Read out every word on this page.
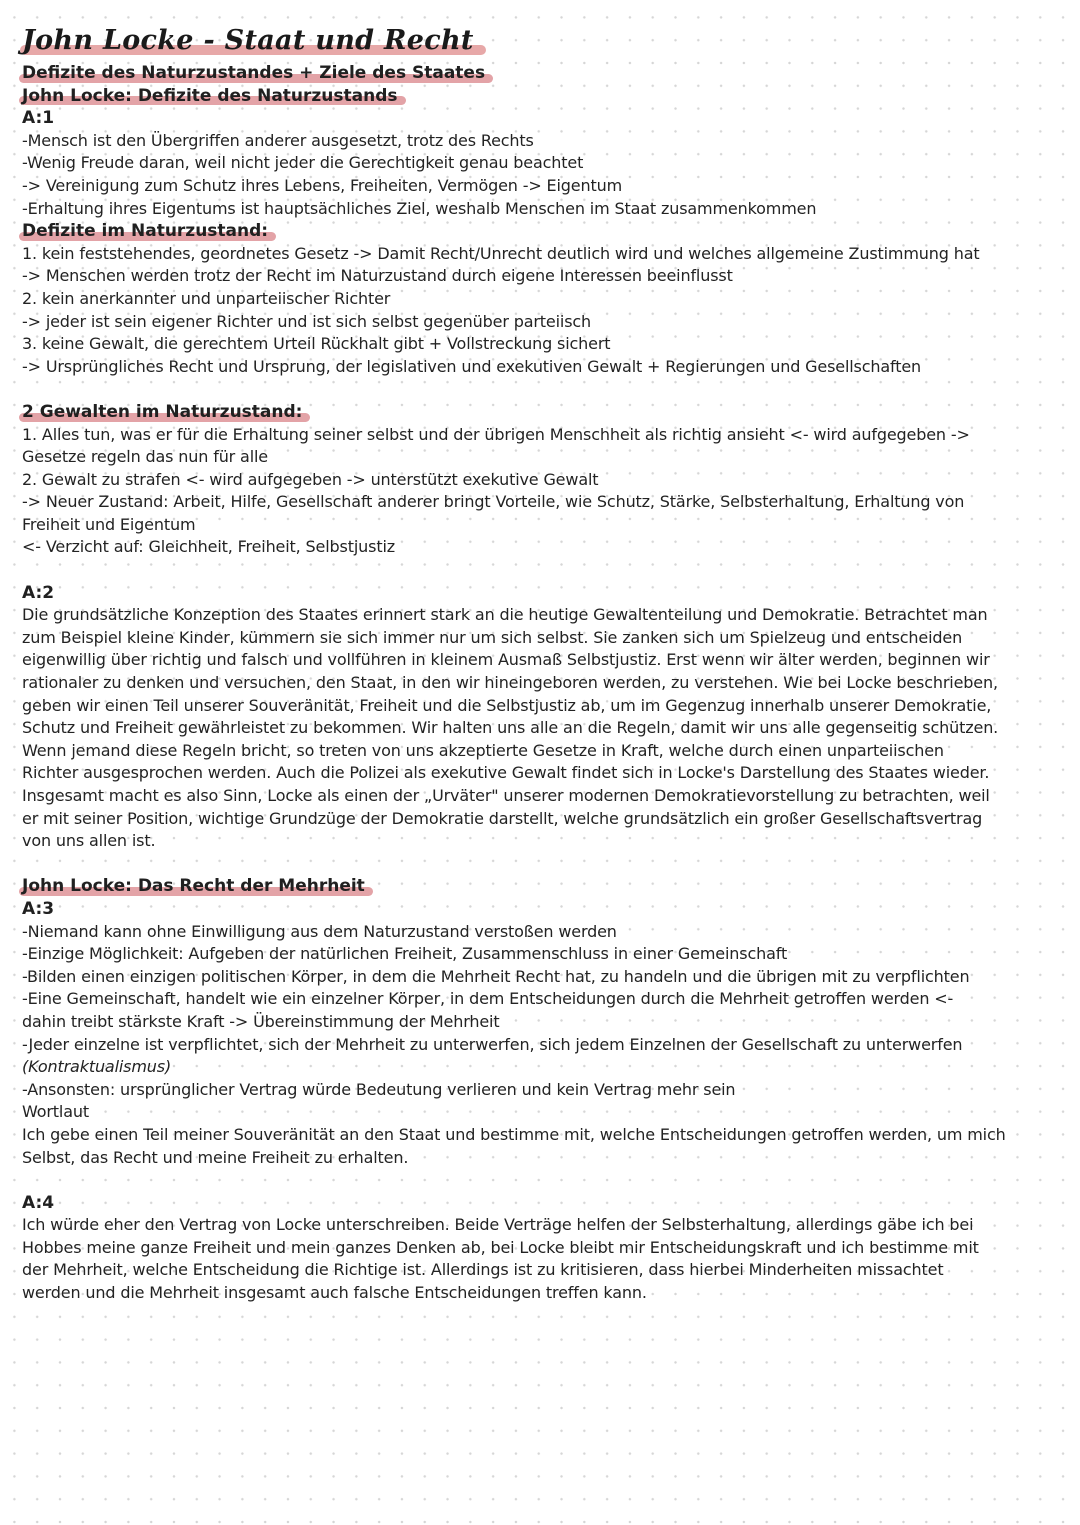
John Locke - Staat und Recht
Defizite des Naturzustandes + Ziele des Staates
John Locke: Defizite des Naturzustands
A:1
-Mensch ist den Übergriffen anderer ausgesetzt, trotz des Rechts
-Wenig Freude daran, weil nicht jeder die Gerechtigkeit genau beachtet
-> Vereinigung zum Schutz ihres Lebens, Freiheiten, Vermögen -> Eigentum
-Erhaltung ihres Eigentums ist hauptsächliches Ziel, weshalb Menschen im Staat zusammenkommen
Defizite im Naturzustand:
1. kein feststehendes, geordnetes Gesetz -> Damit Recht/Unrecht deutlich wird und welches allgemeine Zustimmung hat
-> Menschen werden trotz der Recht im Naturzustand durch eigene Interessen beeinflusst
2. kein anerkannter und unparteiischer Richter
-> jeder ist sein eigener Richter und ist sich selbst gegenüber parteiisch
3. keine Gewalt, die gerechtem Urteil Rückhalt gibt + Vollstreckung sichert
-> Ursprüngliches Recht und Ursprung, der legislativen und exekutiven Gewalt + Regierungen und Gesellschaften
2 Gewalten im Naturzustand:
1. Alles tun, was er für die Erhaltung seiner selbst und der übrigen Menschheit als richtig ansieht <- wird aufgegeben ->
Gesetze regeln das nun für alle
2. Gewalt zu strafen <- wird aufgegeben -> unterstützt exekutive Gewalt
-> Neuer Zustand: Arbeit, Hilfe, Gesellschaft anderer bringt Vorteile, wie Schutz, Stärke, Selbsterhaltung, Erhaltung von
Freiheit und Eigentum
<- Verzicht auf: Gleichheit, Freiheit, Selbstjustiz
A:2
Die grundsätzliche Konzeption des Staates erinnert stark an die heutige Gewaltenteilung und Demokratie. Betrachtet man
zum Beispiel kleine Kinder, kümmern sie sich immer nur um sich selbst. Sie zanken sich um Spielzeug und entscheiden
eigenwillig über richtig und falsch und vollführen in kleinem Ausmaß Selbstjustiz. Erst wenn wir älter werden, beginnen wir
rationaler zu denken und versuchen, den Staat, in den wir hineingeboren werden, zu verstehen. Wie bei Locke beschrieben,
geben wir einen Teil unserer Souveränität, Freiheit und die Selbstjustiz ab, um im Gegenzug innerhalb unserer Demokratie,
Schutz und Freiheit gewährleistet zu bekommen. Wir halten uns alle an die Regeln, damit wir uns alle gegenseitig schützen.
Wenn jemand diese Regeln bricht, so treten von uns akzeptierte Gesetze in Kraft, welche durch einen unparteiischen
Richter ausgesprochen werden. Auch die Polizei als exekutive Gewalt findet sich in Locke's Darstellung des Staates wieder.
Insgesamt macht es also Sinn, Locke als einen der „Urväter" unserer modernen Demokratievorstellung zu betrachten, weil
er mit seiner Position, wichtige Grundzüge der Demokratie darstellt, welche grundsätzlich ein großer Gesellschaftsvertrag
von uns allen ist.
John Locke: Das Recht der Mehrheit
A:3
-Niemand kann ohne Einwilligung aus dem Naturzustand verstoßen werden
-Einzige Möglichkeit: Aufgeben der natürlichen Freiheit, Zusammenschluss in einer Gemeinschaft
-Bilden einen einzigen politischen Körper, in dem die Mehrheit Recht hat, zu handeln und die übrigen mit zu verpflichten
-Eine Gemeinschaft, handelt wie ein einzelner Körper, in dem Entscheidungen durch die Mehrheit getroffen werden <-
dahin treibt stärkste Kraft -> Übereinstimmung der Mehrheit
-Jeder einzelne ist verpflichtet, sich der Mehrheit zu unterwerfen, sich jedem Einzelnen der Gesellschaft zu unterwerfen
(Kontraktualismus)
-Ansonsten: ursprünglicher Vertrag würde Bedeutung verlieren und kein Vertrag mehr sein
Wortlaut
Ich gebe einen Teil meiner Souveränität an den Staat und bestimme mit, welche Entscheidungen getroffen werden, um mich
Selbst, das Recht und meine Freiheit zu erhalten.
A:4
Ich würde eher den Vertrag von Locke unterschreiben. Beide Verträge helfen der Selbsterhaltung, allerdings gäbe ich bei
Hobbes meine ganze Freiheit und mein ganzes Denken ab, bei Locke bleibt mir Entscheidungskraft und ich bestimme mit
der Mehrheit, welche Entscheidung die Richtige ist. Allerdings ist zu kritisieren, dass hierbei Minderheiten missachtet
werden und die Mehrheit insgesamt auch falsche Entscheidungen treffen kann.
